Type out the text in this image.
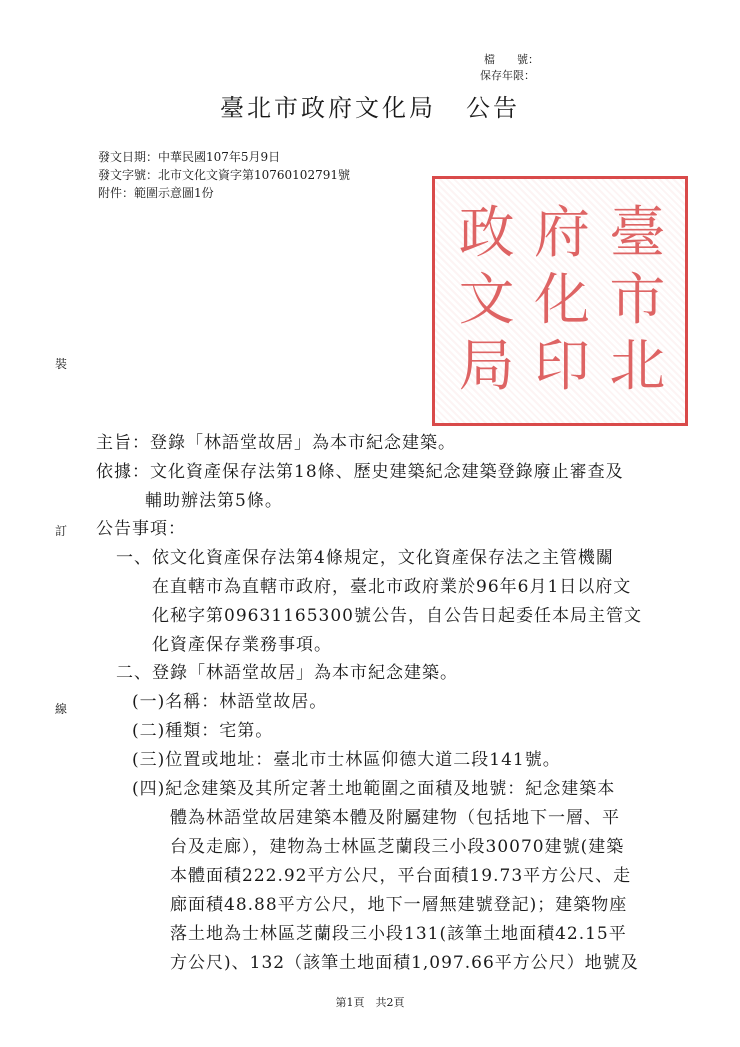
檔　　號：
保存年限：
臺北市政府文化局 公告
發文日期：中華民國107年5月9日
發文字號：北市文化文資字第10760102791號
附件：範圍示意圖1份
政 府 臺
文 化 市
局 印 北
裝
訂
線
主旨：登錄「林語堂故居」為本市紀念建築。
依據：文化資產保存法第18條、歷史建築紀念建築登錄廢止審查及
輔助辦法第5條。
公告事項：
一、依文化資產保存法第4條規定，文化資產保存法之主管機關
在直轄市為直轄市政府，臺北市政府業於96年6月1日以府文
化秘字第09631165300號公告，自公告日起委任本局主管文
化資產保存業務事項。
二、登錄「林語堂故居」為本市紀念建築。
(一)名稱：林語堂故居。
(二)種類：宅第。
(三)位置或地址：臺北市士林區仰德大道二段141號。
(四)紀念建築及其所定著土地範圍之面積及地號：紀念建築本
體為林語堂故居建築本體及附屬建物（包括地下一層、平
台及走廊），建物為士林區芝蘭段三小段30070建號(建築
本體面積222.92平方公尺，平台面積19.73平方公尺、走
廊面積48.88平方公尺，地下一層無建號登記)；建築物座
落土地為士林區芝蘭段三小段131(該筆土地面積42.15平
方公尺)、132（該筆土地面積1,097.66平方公尺）地號及
第1頁　共2頁
